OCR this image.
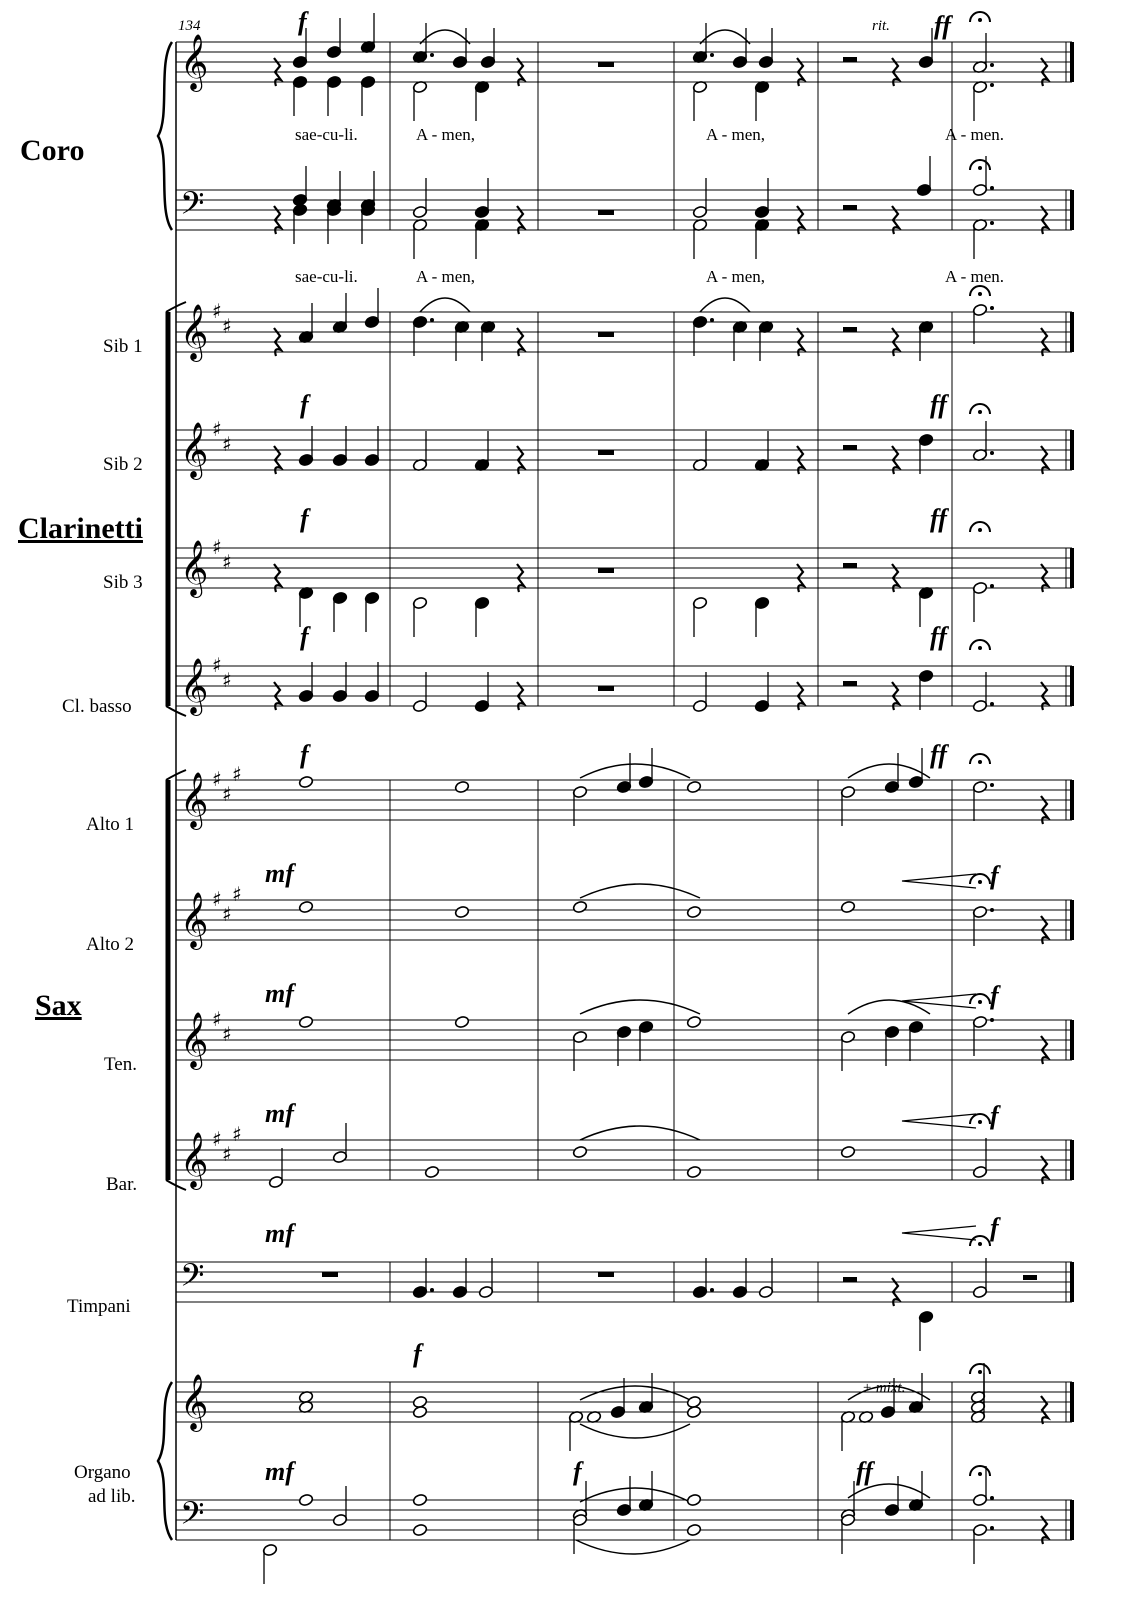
𝄞
𝄢
𝄞 ♯
♯
𝄞 ♯
♯
𝄞 ♯
♯
𝄞 ♯
♯
𝄞 ♯
♯
♯
𝄞 ♯
♯
♯
𝄞 ♯
♯
𝄞 ♯
♯
♯
𝄢
𝄞
𝄢
134	rit.
+ mixt.
Coro
Clarinetti
Sax
Sib 1
Sib 2
Sib 3
Cl. basso
Alto 1
Alto 2
Ten.
Bar.
Timpani
Organo
ad lib.
sae-cu-li.	A - men,	A - men,	A - men.
sae-cu-li.	A - men,	A - men,	A - men.
f	ff
f	ff
f	ff
f	ff
f	ff
mf	f
mf	f
mf	f
mf	f
f
mf	f	ff
